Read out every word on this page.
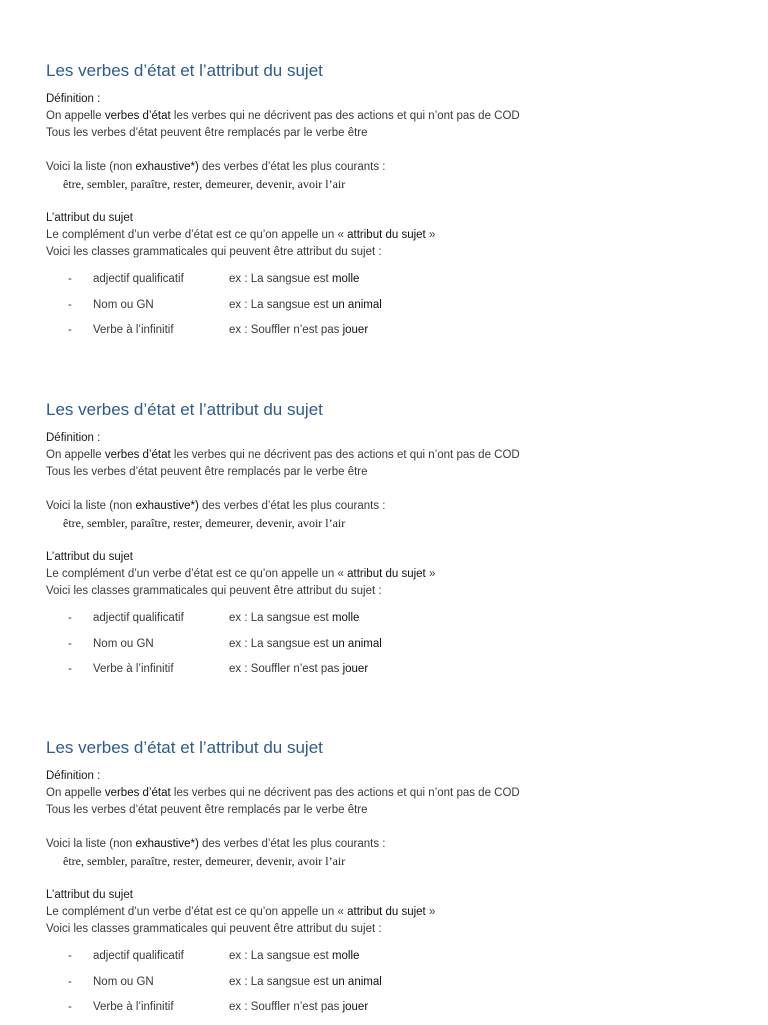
Les verbes d’état et l’attribut du sujet
Définition :
On appelle verbes d’état les verbes qui ne décrivent pas des actions et qui n’ont pas de COD
Tous les verbes d’état peuvent être remplacés par le verbe être
Voici la liste (non exhaustive*) des verbes d’état les plus courants :
être, sembler, paraître, rester, demeurer, devenir, avoir l’air
L’attribut du sujet
Le complément d’un verbe d’état est ce qu’on appelle un « attribut du sujet »
Voici les classes grammaticales qui peuvent être attribut du sujet :
- adjectif qualificatif	ex : La sangsue est molle
- Nom ou GN	ex : La sangsue est un animal
- Verbe à l’infinitif	ex : Souffler n’est pas jouer
Les verbes d’état et l’attribut du sujet
Définition :
On appelle verbes d’état les verbes qui ne décrivent pas des actions et qui n’ont pas de COD
Tous les verbes d’état peuvent être remplacés par le verbe être
Voici la liste (non exhaustive*) des verbes d’état les plus courants :
être, sembler, paraître, rester, demeurer, devenir, avoir l’air
L’attribut du sujet
Le complément d’un verbe d’état est ce qu’on appelle un « attribut du sujet »
Voici les classes grammaticales qui peuvent être attribut du sujet :
- adjectif qualificatif	ex : La sangsue est molle
- Nom ou GN	ex : La sangsue est un animal
- Verbe à l’infinitif	ex : Souffler n’est pas jouer
Les verbes d’état et l’attribut du sujet
Définition :
On appelle verbes d’état les verbes qui ne décrivent pas des actions et qui n’ont pas de COD
Tous les verbes d’état peuvent être remplacés par le verbe être
Voici la liste (non exhaustive*) des verbes d’état les plus courants :
être, sembler, paraître, rester, demeurer, devenir, avoir l’air
L’attribut du sujet
Le complément d’un verbe d’état est ce qu’on appelle un « attribut du sujet »
Voici les classes grammaticales qui peuvent être attribut du sujet :
- adjectif qualificatif	ex : La sangsue est molle
- Nom ou GN	ex : La sangsue est un animal
- Verbe à l’infinitif	ex : Souffler n’est pas jouer
